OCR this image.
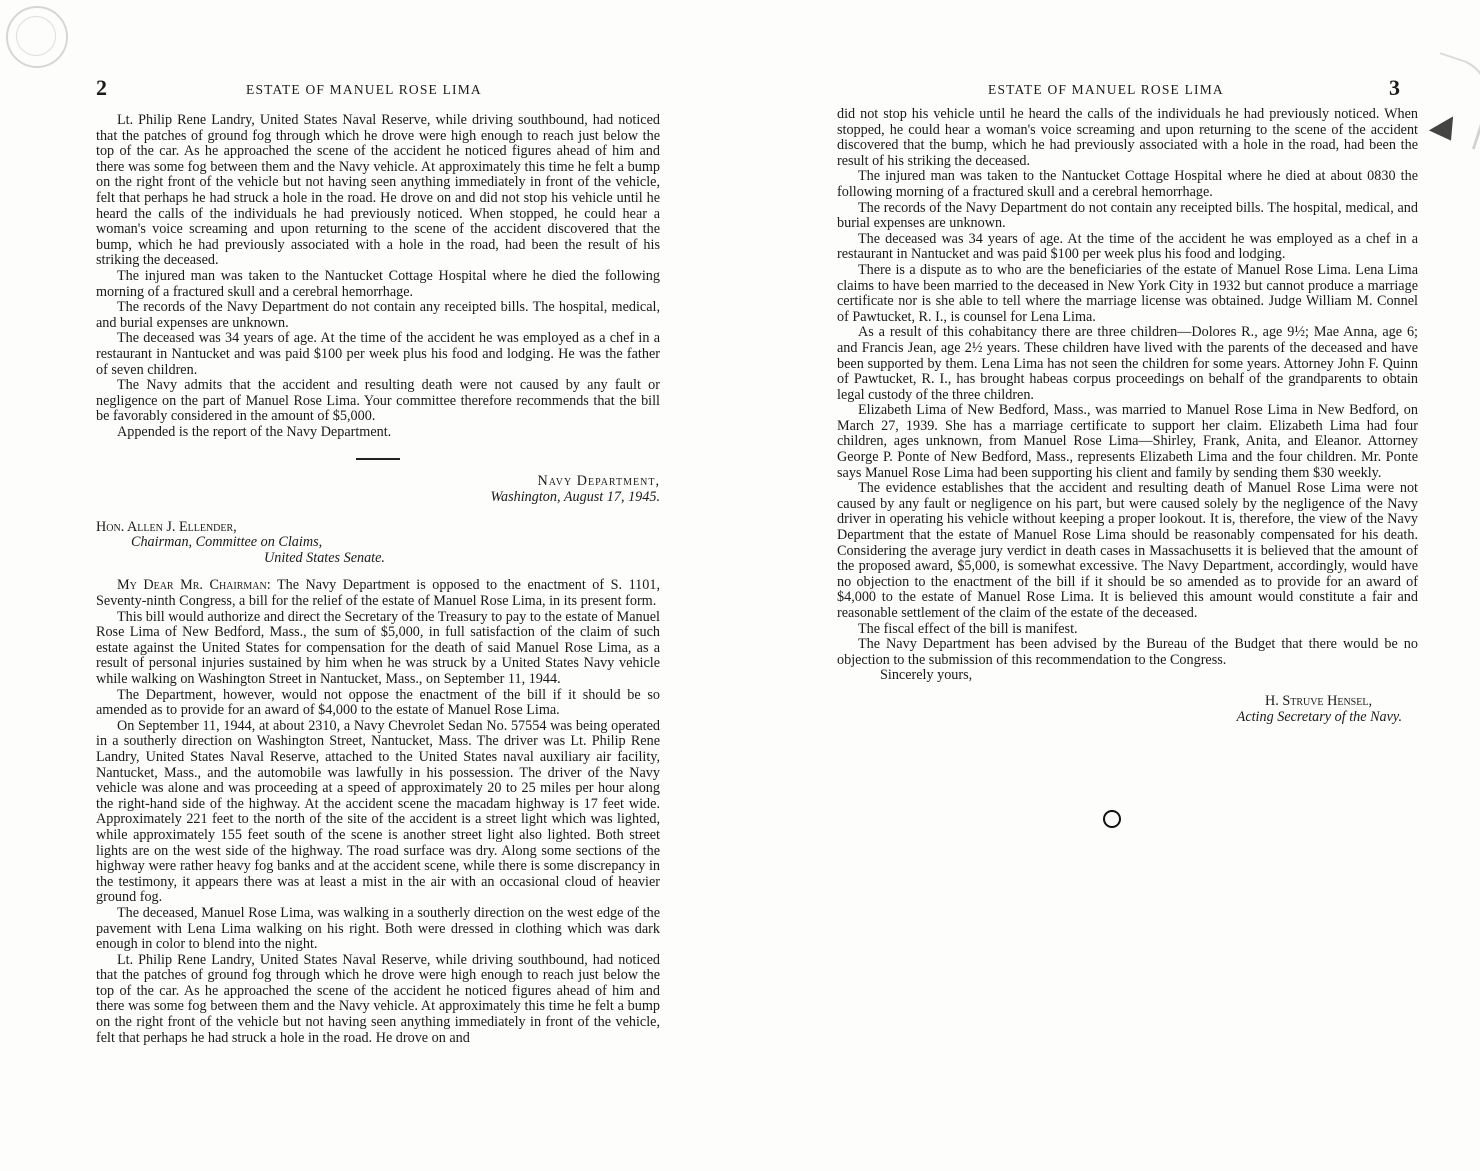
2	ESTATE OF MANUEL ROSE LIMA

Lt. Philip Rene Landry, United States Naval Reserve, while driving southbound, had noticed that the patches of ground fog through which he drove were high enough to reach just below the top of the car. As he approached the scene of the accident he noticed figures ahead of him and there was some fog between them and the Navy vehicle. At approximately this time he felt a bump on the right front of the vehicle but not having seen anything immediately in front of the vehicle, felt that perhaps he had struck a hole in the road. He drove on and did not stop his vehicle until he heard the calls of the individuals he had previously noticed. When stopped, he could hear a woman's voice screaming and upon returning to the scene of the accident discovered that the bump, which he had previously associated with a hole in the road, had been the result of his striking the deceased.

The injured man was taken to the Nantucket Cottage Hospital where he died the following morning of a fractured skull and a cerebral hemorrhage.

The records of the Navy Department do not contain any receipted bills. The hospital, medical, and burial expenses are unknown.

The deceased was 34 years of age. At the time of the accident he was employed as a chef in a restaurant in Nantucket and was paid $100 per week plus his food and lodging. He was the father of seven children.

The Navy admits that the accident and resulting death were not caused by any fault or negligence on the part of Manuel Rose Lima. Your committee therefore recommends that the bill be favorably considered in the amount of $5,000.

Appended is the report of the Navy Department.

Navy Department,
Washington, August 17, 1945.
Hon. Allen J. Ellender,
Chairman, Committee on Claims,
United States Senate.

My Dear Mr. Chairman: The Navy Department is opposed to the enactment of S. 1101, Seventy-ninth Congress, a bill for the relief of the estate of Manuel Rose Lima, in its present form.

This bill would authorize and direct the Secretary of the Treasury to pay to the estate of Manuel Rose Lima of New Bedford, Mass., the sum of $5,000, in full satisfaction of the claim of such estate against the United States for compensation for the death of said Manuel Rose Lima, as a result of personal injuries sustained by him when he was struck by a United States Navy vehicle while walking on Washington Street in Nantucket, Mass., on September 11, 1944.

The Department, however, would not oppose the enactment of the bill if it should be so amended as to provide for an award of $4,000 to the estate of Manuel Rose Lima.

On September 11, 1944, at about 2310, a Navy Chevrolet Sedan No. 57554 was being operated in a southerly direction on Washington Street, Nantucket, Mass. The driver was Lt. Philip Rene Landry, United States Naval Reserve, attached to the United States naval auxiliary air facility, Nantucket, Mass., and the automobile was lawfully in his possession. The driver of the Navy vehicle was alone and was proceeding at a speed of approximately 20 to 25 miles per hour along the right-hand side of the highway. At the accident scene the macadam highway is 17 feet wide. Approximately 221 feet to the north of the site of the accident is a street light which was lighted, while approximately 155 feet south of the scene is another street light also lighted. Both street lights are on the west side of the highway. The road surface was dry. Along some sections of the highway were rather heavy fog banks and at the accident scene, while there is some discrepancy in the testimony, it appears there was at least a mist in the air with an occasional cloud of heavier ground fog.

The deceased, Manuel Rose Lima, was walking in a southerly direction on the west edge of the pavement with Lena Lima walking on his right. Both were dressed in clothing which was dark enough in color to blend into the night.

Lt. Philip Rene Landry, United States Naval Reserve, while driving southbound, had noticed that the patches of ground fog through which he drove were high enough to reach just below the top of the car. As he approached the scene of the accident he noticed figures ahead of him and there was some fog between them and the Navy vehicle. At approximately this time he felt a bump on the right front of the vehicle but not having seen anything immediately in front of the vehicle, felt that perhaps he had struck a hole in the road. He drove on and

ESTATE OF MANUEL ROSE LIMA	3

did not stop his vehicle until he heard the calls of the individuals he had previously noticed. When stopped, he could hear a woman's voice screaming and upon returning to the scene of the accident discovered that the bump, which he had previously associated with a hole in the road, had been the result of his striking the deceased.

The injured man was taken to the Nantucket Cottage Hospital where he died at about 0830 the following morning of a fractured skull and a cerebral hemorrhage.

The records of the Navy Department do not contain any receipted bills. The hospital, medical, and burial expenses are unknown.

The deceased was 34 years of age. At the time of the accident he was employed as a chef in a restaurant in Nantucket and was paid $100 per week plus his food and lodging.

There is a dispute as to who are the beneficiaries of the estate of Manuel Rose Lima. Lena Lima claims to have been married to the deceased in New York City in 1932 but cannot produce a marriage certificate nor is she able to tell where the marriage license was obtained. Judge William M. Connel of Pawtucket, R. I., is counsel for Lena Lima.

As a result of this cohabitancy there are three children—Dolores R., age 9½; Mae Anna, age 6; and Francis Jean, age 2½ years. These children have lived with the parents of the deceased and have been supported by them. Lena Lima has not seen the children for some years. Attorney John F. Quinn of Pawtucket, R. I., has brought habeas corpus proceedings on behalf of the grandparents to obtain legal custody of the three children.

Elizabeth Lima of New Bedford, Mass., was married to Manuel Rose Lima in New Bedford, on March 27, 1939. She has a marriage certificate to support her claim. Elizabeth Lima had four children, ages unknown, from Manuel Rose Lima—Shirley, Frank, Anita, and Eleanor. Attorney George P. Ponte of New Bedford, Mass., represents Elizabeth Lima and the four children. Mr. Ponte says Manuel Rose Lima had been supporting his client and family by sending them $30 weekly.

The evidence establishes that the accident and resulting death of Manuel Rose Lima were not caused by any fault or negligence on his part, but were caused solely by the negligence of the Navy driver in operating his vehicle without keeping a proper lookout. It is, therefore, the view of the Navy Department that the estate of Manuel Rose Lima should be reasonably compensated for his death. Considering the average jury verdict in death cases in Massachusetts it is believed that the amount of the proposed award, $5,000, is somewhat excessive. The Navy Department, accordingly, would have no objection to the enactment of the bill if it should be so amended as to provide for an award of $4,000 to the estate of Manuel Rose Lima. It is believed this amount would constitute a fair and reasonable settlement of the claim of the estate of the deceased.

The fiscal effect of the bill is manifest.

The Navy Department has been advised by the Bureau of the Budget that there would be no objection to the submission of this recommendation to the Congress.

Sincerely yours,
H. Struve Hensel,
Acting Secretary of the Navy.
